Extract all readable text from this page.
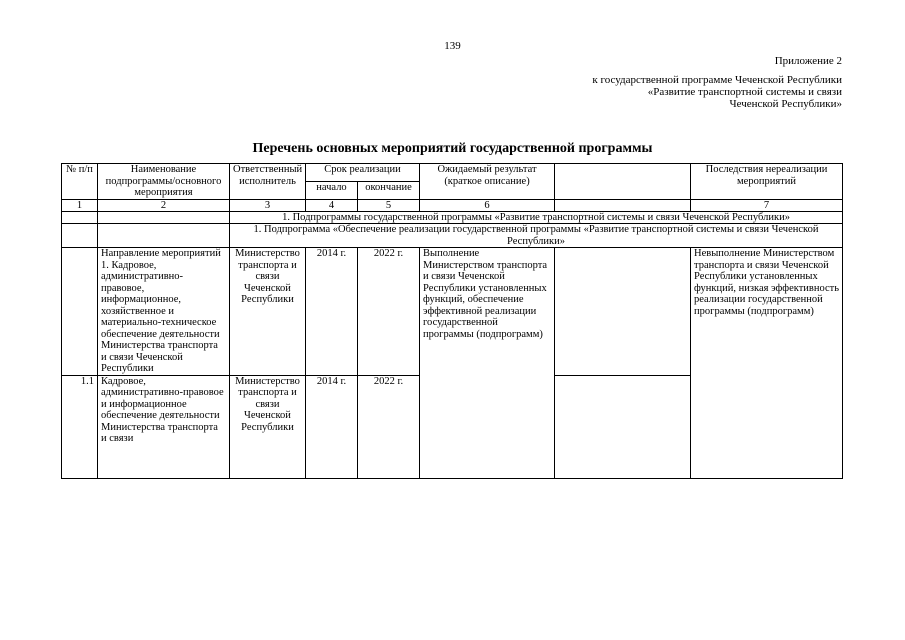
139
Приложение 2
к государственной программе Чеченской Республики
«Развитие транспортной системы и связи
Чеченской Республики»
Перечень основных мероприятий государственной программы
№ п/п	Наименование подпрограммы/основного мероприятия	Ответственный исполнитель	Срок реализации		Ожидаемый результат (краткое описание)		Последствия нереализации мероприятий
			начало	окончание			
1	2	3	4	5	6		7
		1. Подпрограммы государственной программы «Развитие транспортной системы и связи Чеченской Республики»					
		1. Подпрограмма «Обеспечение реализации государственной программы «Развитие транспортной системы и связи Чеченской Республики»					
	Направление мероприятий 1. Кадровое, административно-правовое, информационное, хозяйственное и материально-техническое обеспечение деятельности Министерства транспорта и связи Чеченской Республики	Министерство транспорта и связи Чеченской Республики	2014 г.	2022 г.	Выполнение Министерством транспорта и связи Чеченской Республики установленных функций, обеспечение эффективной реализации государственной программы (подпрограмм)		Невыполнение Министерством транспорта и связи Чеченской Республики установленных функций, низкая эффективность реализации государственной программы (подпрограмм)
1.1	Кадровое, административно-правовое и информационное обеспечение деятельности Министерства транспорта и связи	Министерство транспорта и связи Чеченской Республики	2014 г.	2022 г.			
